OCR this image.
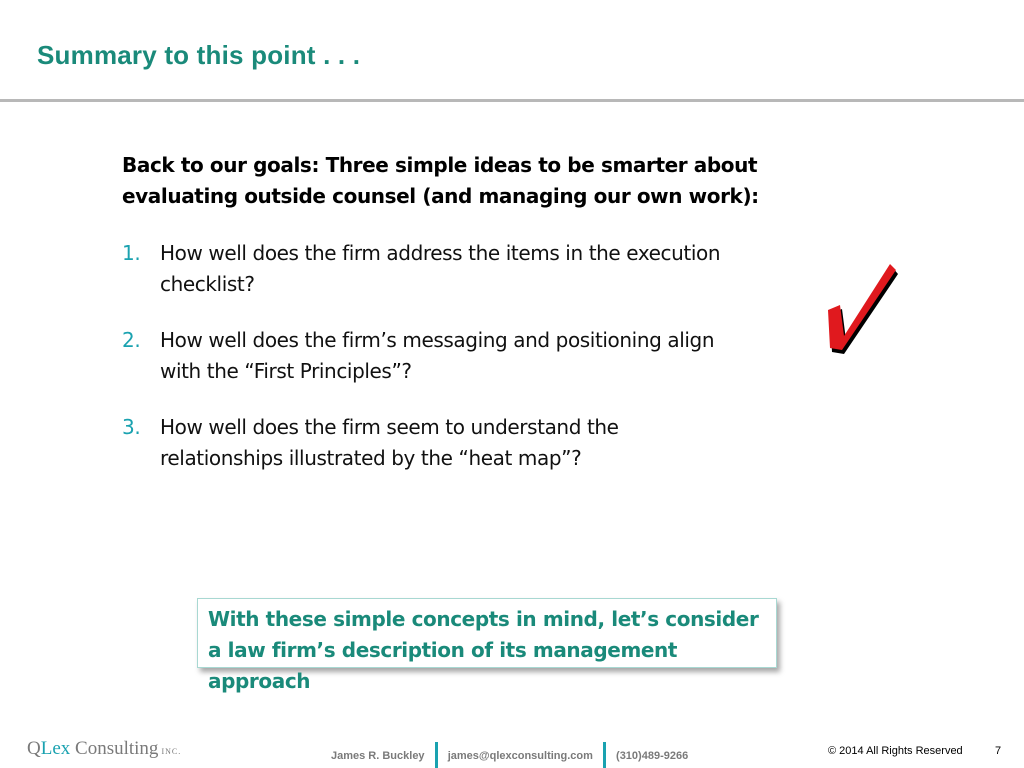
Summary to this point . . .
Back to our goals: Three simple ideas to be smarter about
evaluating outside counsel (and managing our own work):
1. How well does the firm address the items in the execution
checklist?
2. How well does the firm’s messaging and positioning align
with the “First Principles”?
3. How well does the firm seem to understand the
relationships illustrated by the “heat map”?
With these simple concepts in mind, let’s consider
a law firm’s description of its management approach
QLex Consulting INC.	James R. Buckley james@qlexconsulting.com (310)489-9266	© 2014 All Rights Reserved	7
